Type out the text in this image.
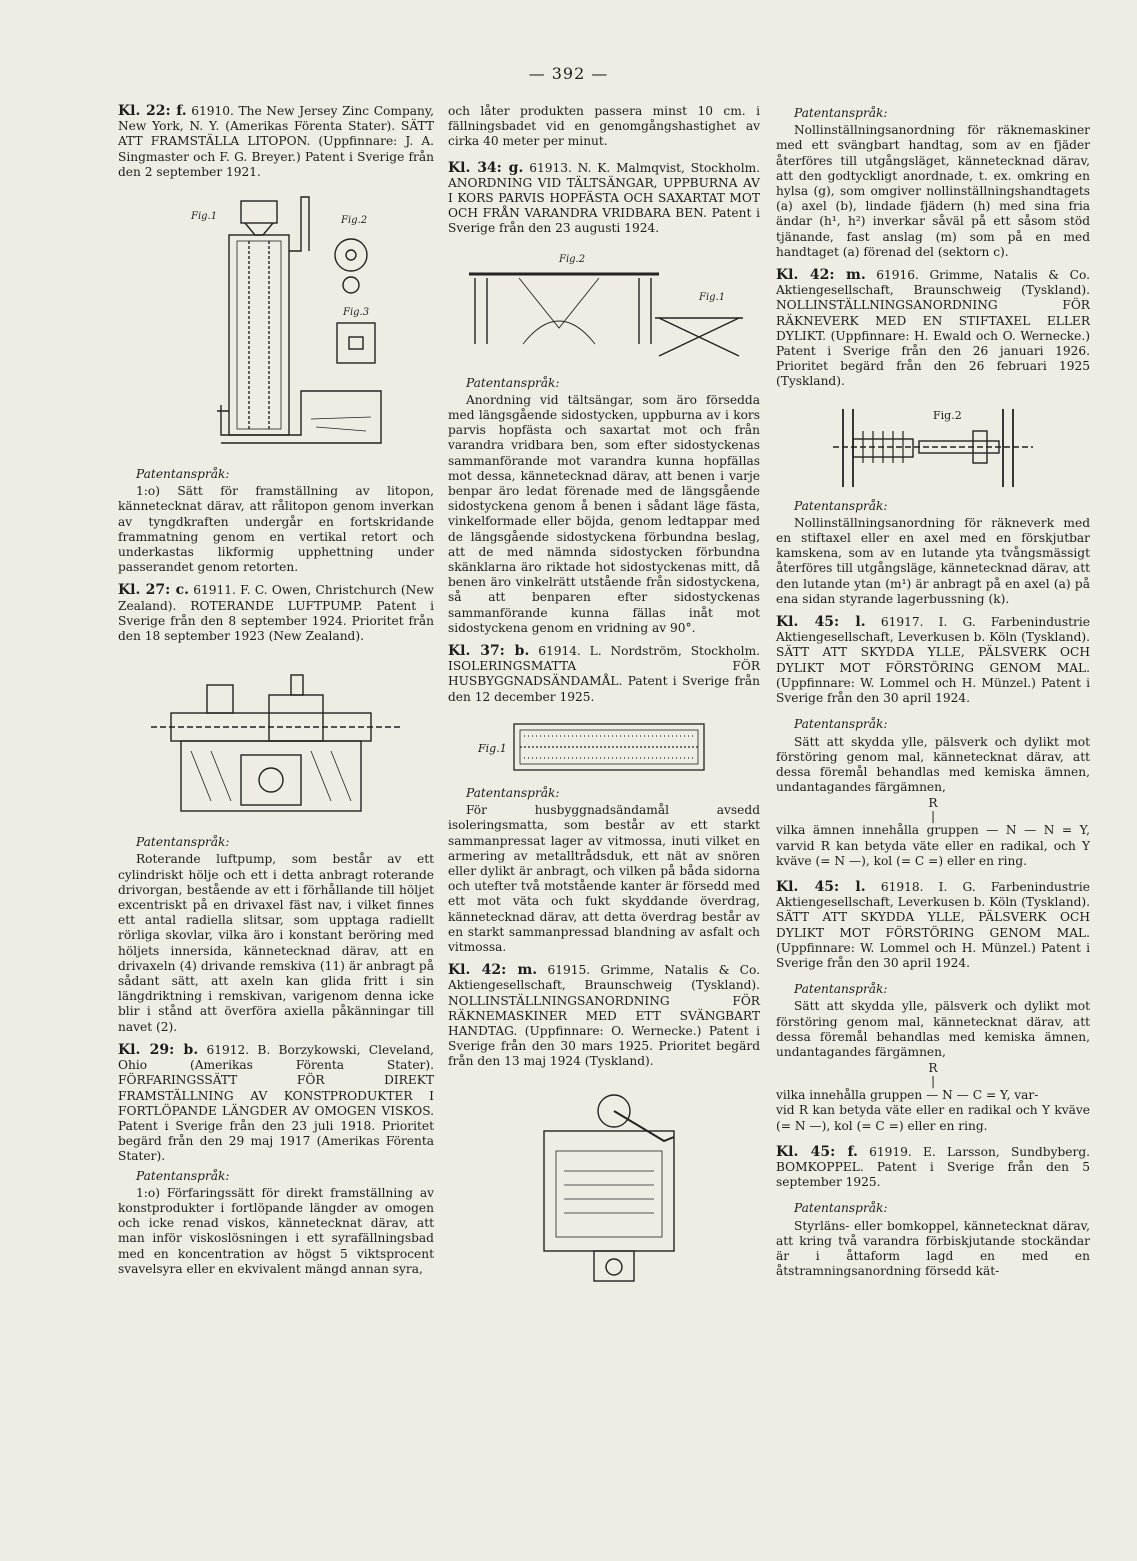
— 392 —
Kl. 22: f. 61910. The New Jersey Zinc Company, New York, N. Y. (Amerikas Förenta Stater). SÄTT ATT FRAMSTÄLLA LITOPON. (Uppfinnare: J. A. Singmaster och F. G. Breyer.) Patent i Sverige från den 2 september 1921.
Fig.1	Fig.2
Fig.3
Patentanspråk:
1:o) Sätt för framställning av litopon, kännetecknat därav, att rålitopon genom inverkan av tyngdkraften undergår en fortskridande frammatning genom en vertikal retort och underkastas likformig upphettning under passerandet genom retorten.
Kl. 27: c. 61911. F. C. Owen, Christchurch (New Zealand). ROTERANDE LUFTPUMP. Patent i Sverige från den 8 september 1924. Prioritet från den 18 september 1923 (New Zealand).
Patentanspråk:
Roterande luftpump, som består av ett cylindriskt hölje och ett i detta anbragt roterande drivorgan, bestående av ett i förhållande till höljet excentriskt på en drivaxel fäst nav, i vilket finnes ett antal radiella slitsar, som upptaga radiellt rörliga skovlar, vilka äro i konstant beröring med höljets innersida, kännetecknad därav, att en drivaxeln (4) drivande remskiva (11) är anbragt på sådant sätt, att axeln kan glida fritt i sin längdriktning i remskivan, varigenom denna icke blir i stånd att överföra axiella påkänningar till navet (2).
Kl. 29: b. 61912. B. Borzykowski, Cleveland, Ohio (Amerikas Förenta Stater). FÖRFARINGSSÄTT FÖR DIREKT FRAMSTÄLLNING AV KONSTPRODUKTER I FORTLÖPANDE LÄNGDER AV OMOGEN VISKOS. Patent i Sverige från den 23 juli 1918. Prioritet begärd från den 29 maj 1917 (Amerikas Förenta Stater).
Patentanspråk:
1:o) Förfaringssätt för direkt framställning av konstprodukter i fortlöpande längder av omogen och icke renad viskos, kännetecknat därav, att man inför viskoslösningen i ett syrafällningsbad med en koncentration av högst 5 viktsprocent svavelsyra eller en ekvivalent mängd annan syra,
och låter produkten passera minst 10 cm. i fällningsbadet vid en genomgångshastighet av cirka 40 meter per minut.
Kl. 34: g. 61913. N. K. Malmqvist, Stockholm. ANORDNING VID TÄLTSÄNGAR, UPPBURNA AV I KORS PARVIS HOPFÄSTA OCH SAXARTAT MOT OCH FRÅN VARANDRA VRIDBARA BEN. Patent i Sverige från den 23 augusti 1924.
Fig.2
Fig.1
Patentanspråk:
Anordning vid tältsängar, som äro försedda med längsgående sidostycken, uppburna av i kors parvis hopfästa och saxartat mot och från varandra vridbara ben, som efter sidostyckenas sammanförande mot varandra kunna hopfällas mot dessa, kännetecknad därav, att benen i varje benpar äro ledat förenade med de längsgående sidostyckena genom å benen i sådant läge fästa, vinkelformade eller böjda, genom ledtappar med de längsgående sidostyckena förbundna beslag, att de med nämnda sidostycken förbundna skänklarna äro riktade hot sidostyckenas mitt, då benen äro vinkelrätt utstående från sidostyckena, så att benparen efter sidostyckenas sammanförande kunna fällas inåt mot sidostyckena genom en vridning av 90°.
Kl. 37: b. 61914. L. Nordström, Stockholm. ISOLERINGSMATTA FÖR HUSBYGGNADSÄNDAMÅL. Patent i Sverige från den 12 december 1925.
Fig.1
Patentanspråk:
För husbyggnadsändamål avsedd isoleringsmatta, som består av ett starkt sammanpressat lager av vitmossa, inuti vilket en armering av metalltrådsduk, ett nät av snören eller dylikt är anbragt, och vilken på båda sidorna och utefter två motstående kanter är försedd med ett mot väta och fukt skyddande överdrag, kännetecknad därav, att detta överdrag består av en starkt sammanpressad blandning av asfalt och vitmossa.
Kl. 42: m. 61915. Grimme, Natalis & Co. Aktiengesellschaft, Braunschweig (Tyskland). NOLLINSTÄLLNINGSANORDNING FÖR RÄKNEMASKINER MED ETT SVÄNGBART HANDTAG. (Uppfinnare: O. Wernecke.) Patent i Sverige från den 30 mars 1925. Prioritet begärd från den 13 maj 1924 (Tyskland).
Patentanspråk:
Nollinställningsanordning för räknemaskiner med ett svängbart handtag, som av en fjäder återföres till utgångsläget, kännetecknad därav, att den godtyckligt anordnade, t. ex. omkring en hylsa (g), som omgiver nollinställningshandtagets (a) axel (b), lindade fjädern (h) med sina fria ändar (h¹, h²) inverkar såväl på ett såsom stöd tjänande, fast anslag (m) som på en med handtaget (a) förenad del (sektorn c).
Kl. 42: m. 61916. Grimme, Natalis & Co. Aktiengesellschaft, Braunschweig (Tyskland). NOLLINSTÄLLNINGSANORDNING FÖR RÄKNEVERK MED EN STIFTAXEL ELLER DYLIKT. (Uppfinnare: H. Ewald och O. Wernecke.) Patent i Sverige från den 26 januari 1926. Prioritet begärd från den 26 februari 1925 (Tyskland).
Fig.2
Patentanspråk:
Nollinställningsanordning för räkneverk med en stiftaxel eller en axel med en förskjutbar kamskena, som av en lutande yta tvångsmässigt återföres till utgångsläge, kännetecknad därav, att den lutande ytan (m¹) är anbragt på en axel (a) på ena sidan styrande lagerbussning (k).
Kl. 45: l. 61917. I. G. Farbenindustrie Aktiengesellschaft, Leverkusen b. Köln (Tyskland). SÄTT ATT SKYDDA YLLE, PÄLSVERK OCH DYLIKT MOT FÖRSTÖRING GENOM MAL. (Uppfinnare: W. Lommel och H. Münzel.) Patent i Sverige från den 30 april 1924.
Patentanspråk:
Sätt att skydda ylle, pälsverk och dylikt mot förstöring genom mal, kännetecknat därav, att dessa föremål behandlas med kemiska ämnen, undantagandes färgämnen,
R
|
vilka ämnen innehålla gruppen — N — N = Y, varvid R kan betyda väte eller en radikal, och Y kväve (= N —), kol (= C =) eller en ring.
Kl. 45: l. 61918. I. G. Farbenindustrie Aktiengesellschaft, Leverkusen b. Köln (Tyskland). SÄTT ATT SKYDDA YLLE, PÄLSVERK OCH DYLIKT MOT FÖRSTÖRING GENOM MAL. (Uppfinnare: W. Lommel och H. Münzel.) Patent i Sverige från den 30 april 1924.
Patentanspråk:
Sätt att skydda ylle, pälsverk och dylikt mot förstöring genom mal, kännetecknat därav, att dessa föremål behandlas med kemiska ämnen, undantagandes färgämnen,
R
|
vilka innehålla gruppen — N — C = Y, var-
vid R kan betyda väte eller en radikal och Y kväve (= N —), kol (= C =) eller en ring.
Kl. 45: f. 61919. E. Larsson, Sundbyberg. BOMKOPPEL. Patent i Sverige från den 5 september 1925.
Patentanspråk:
Styrläns- eller bomkoppel, kännetecknat därav, att kring två varandra förbiskjutande stockändar är i åttaform lagd en med en åtstramningsanordning försedd kät-
